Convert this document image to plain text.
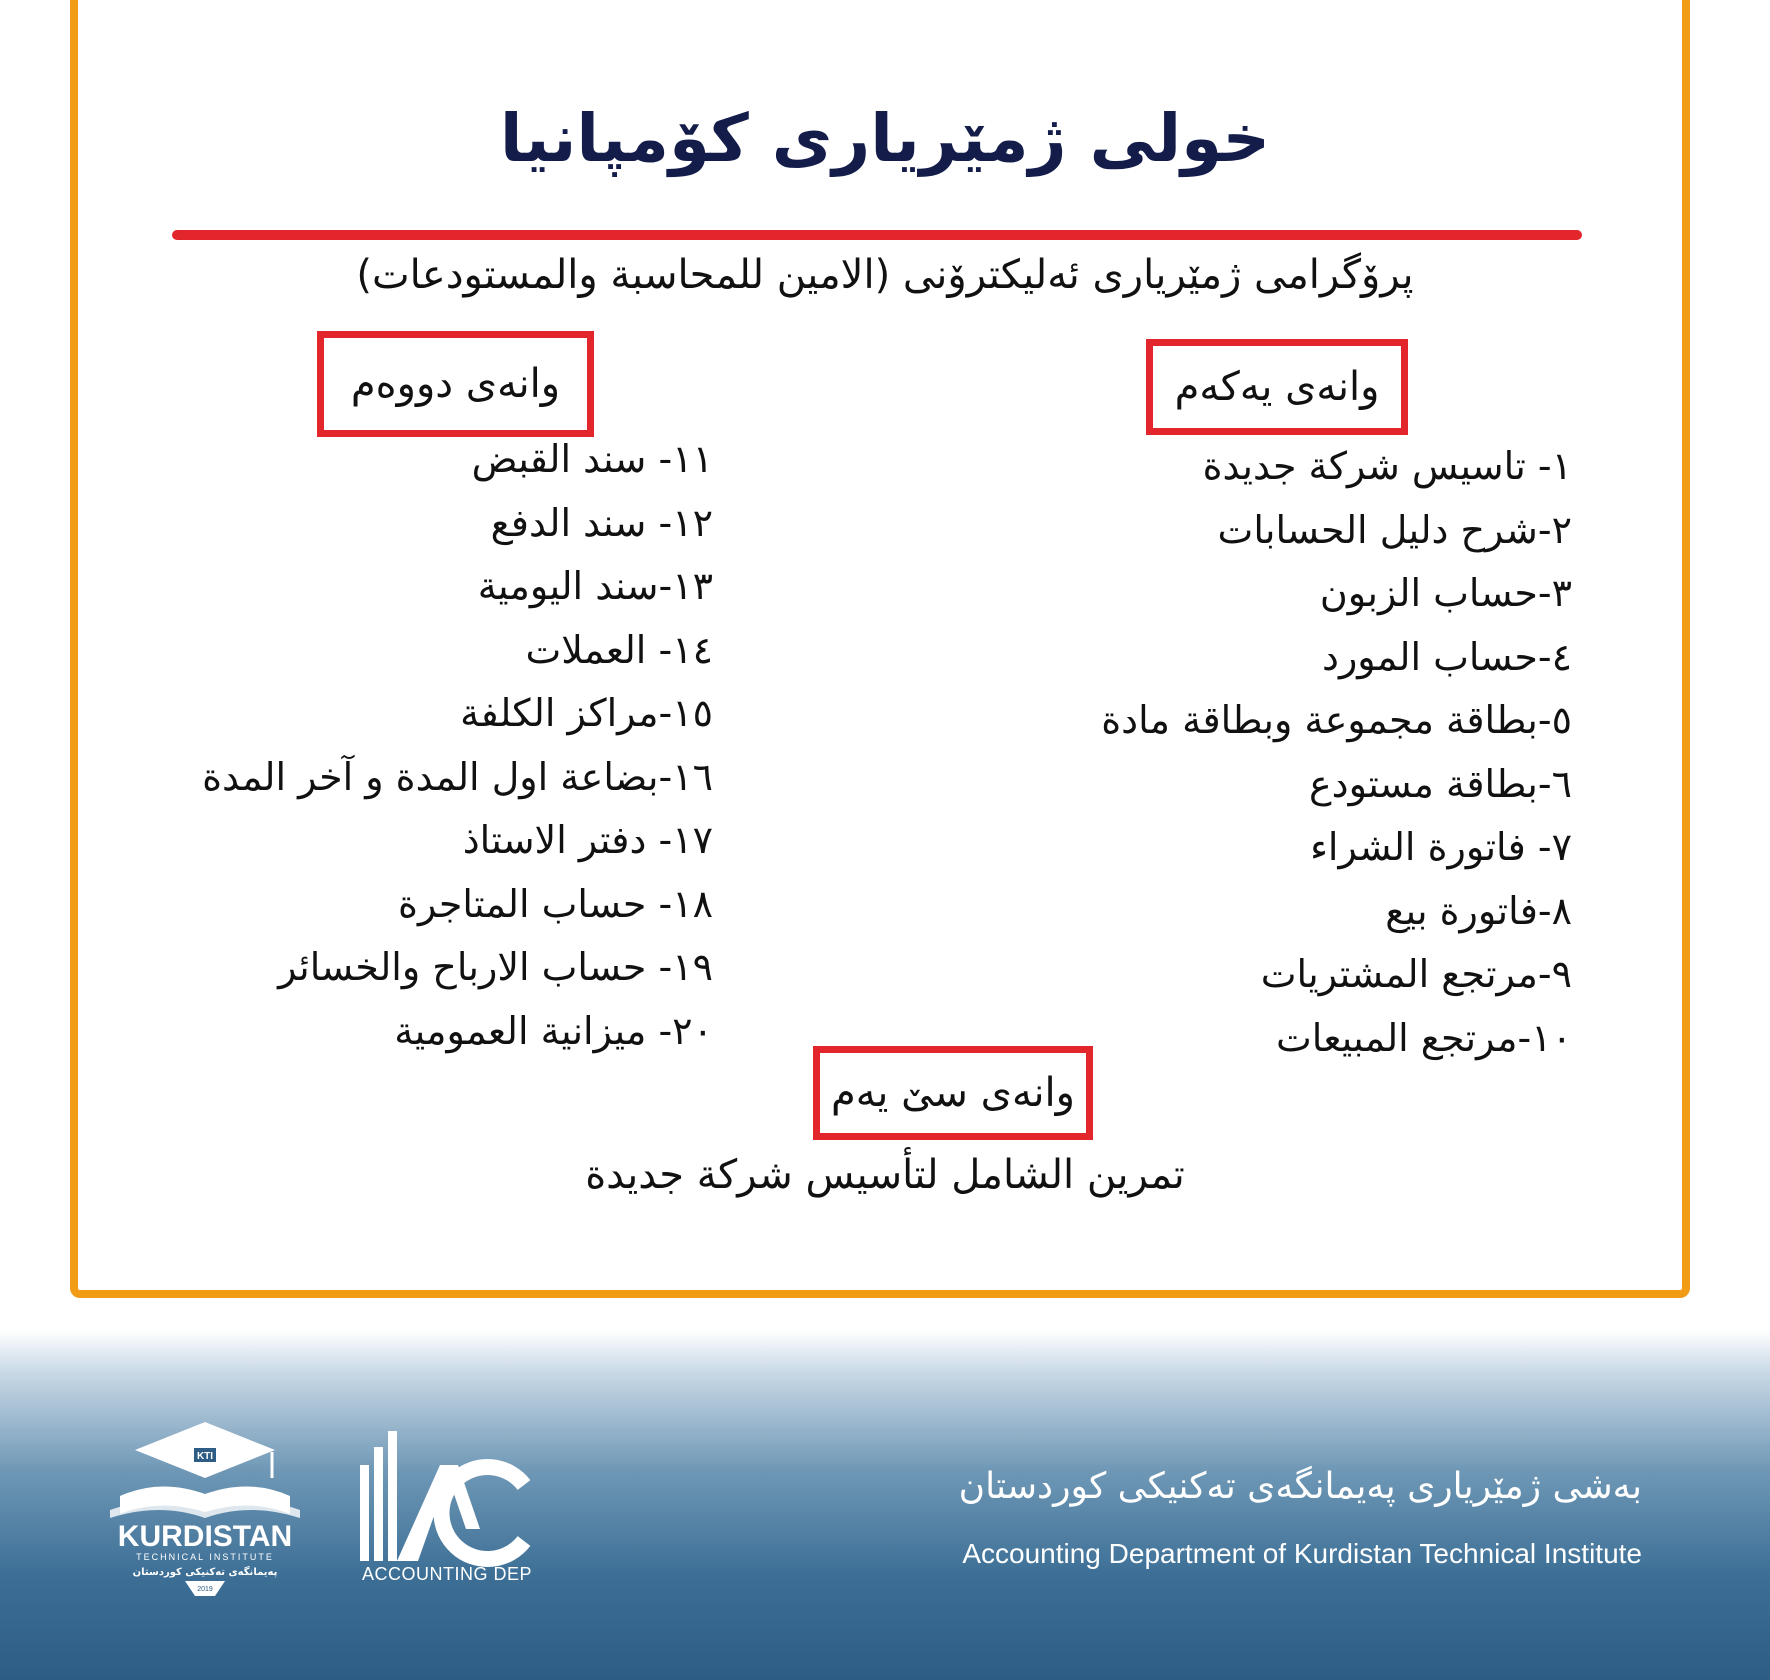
خولی ژمێریاری کۆمپانیا
پرۆگرامی ژمێریاری ئەلیکترۆنی (الامين للمحاسبة والمستودعات)
وانەی یەکەم
١- تاسيس شركة جديدة
٢-شرح دليل الحسابات
٣-حساب الزبون
٤-حساب المورد
٥-بطاقة مجموعة وبطاقة مادة
٦-بطاقة مستودع
٧- فاتورة الشراء
٨-فاتورة بيع
٩-مرتجع المشتريات
١٠-مرتجع المبيعات
وانەی دووەم
١١- سند القبض
١٢- سند الدفع
١٣-سند اليومية
١٤- العملات
١٥-مراكز الكلفة
١٦-بضاعة اول المدة و آخر المدة
١٧- دفتر الاستاذ
١٨- حساب المتاجرة
١٩- حساب الارباح والخسائر
٢٠- ميزانية العمومية
وانەی سێ یەم
تمرين الشامل لتأسيس شركة جديدة
KTI
KURDISTAN
TECHNICAL INSTITUTE
پەیمانگەی تەکنیکی کوردستان
2019
ACCOUNTING DEP
بەشی ژمێریاری پەیمانگەی تەکنیکی کوردستان
Accounting Department of Kurdistan Technical Institute
